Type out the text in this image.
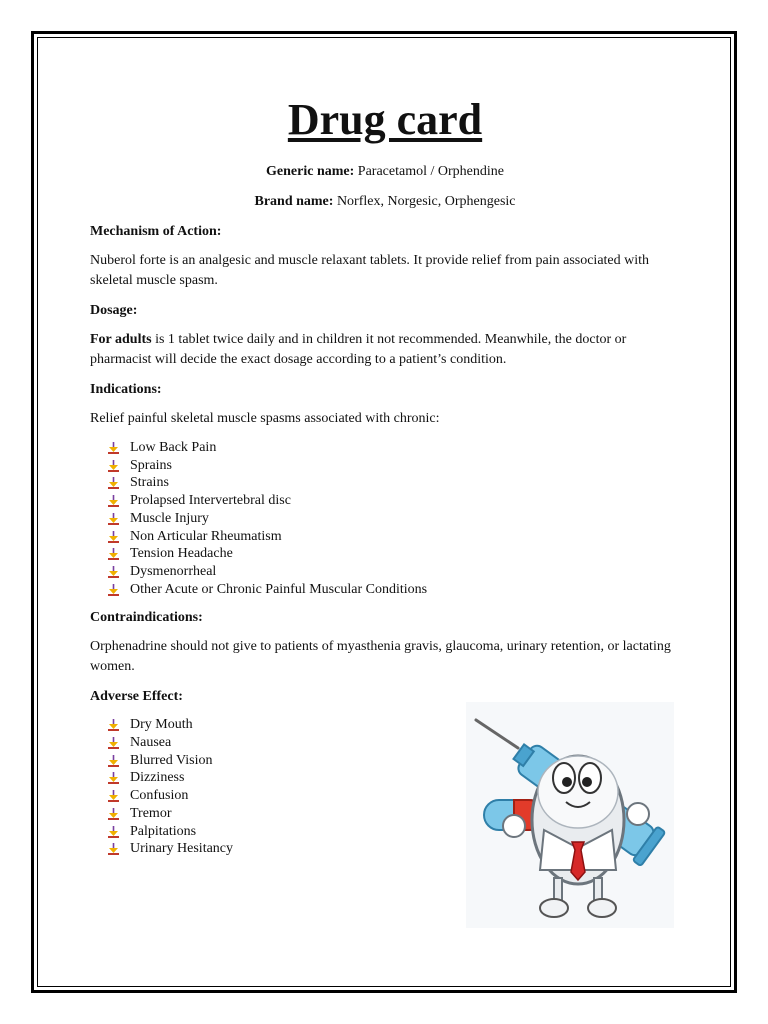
Drug card
Generic name: Paracetamol / Orphendine
Brand name: Norflex, Norgesic, Orphengesic
Mechanism of Action:

Nuberol forte is an analgesic and muscle relaxant tablets. It provide relief from pain associated with skeletal muscle spasm.

Dosage:

For adults is 1 tablet twice daily and in children it not recommended. Meanwhile, the doctor or pharmacist will decide the exact dosage according to a patient’s condition.

Indications:

Relief painful skeletal muscle spasms associated with chronic:

Low Back Pain
Sprains
Strains
Prolapsed Intervertebral disc
Muscle Injury
Non Articular Rheumatism
Tension Headache
Dysmenorrheal
Other Acute or Chronic Painful Muscular Conditions
Contraindications:

Orphenadrine should not give to patients of myasthenia gravis, glaucoma, urinary retention, or lactating women.

Adverse Effect:
Dry Mouth
Nausea
Blurred Vision
Dizziness
Confusion
Tremor
Palpitations
Urinary Hesitancy
